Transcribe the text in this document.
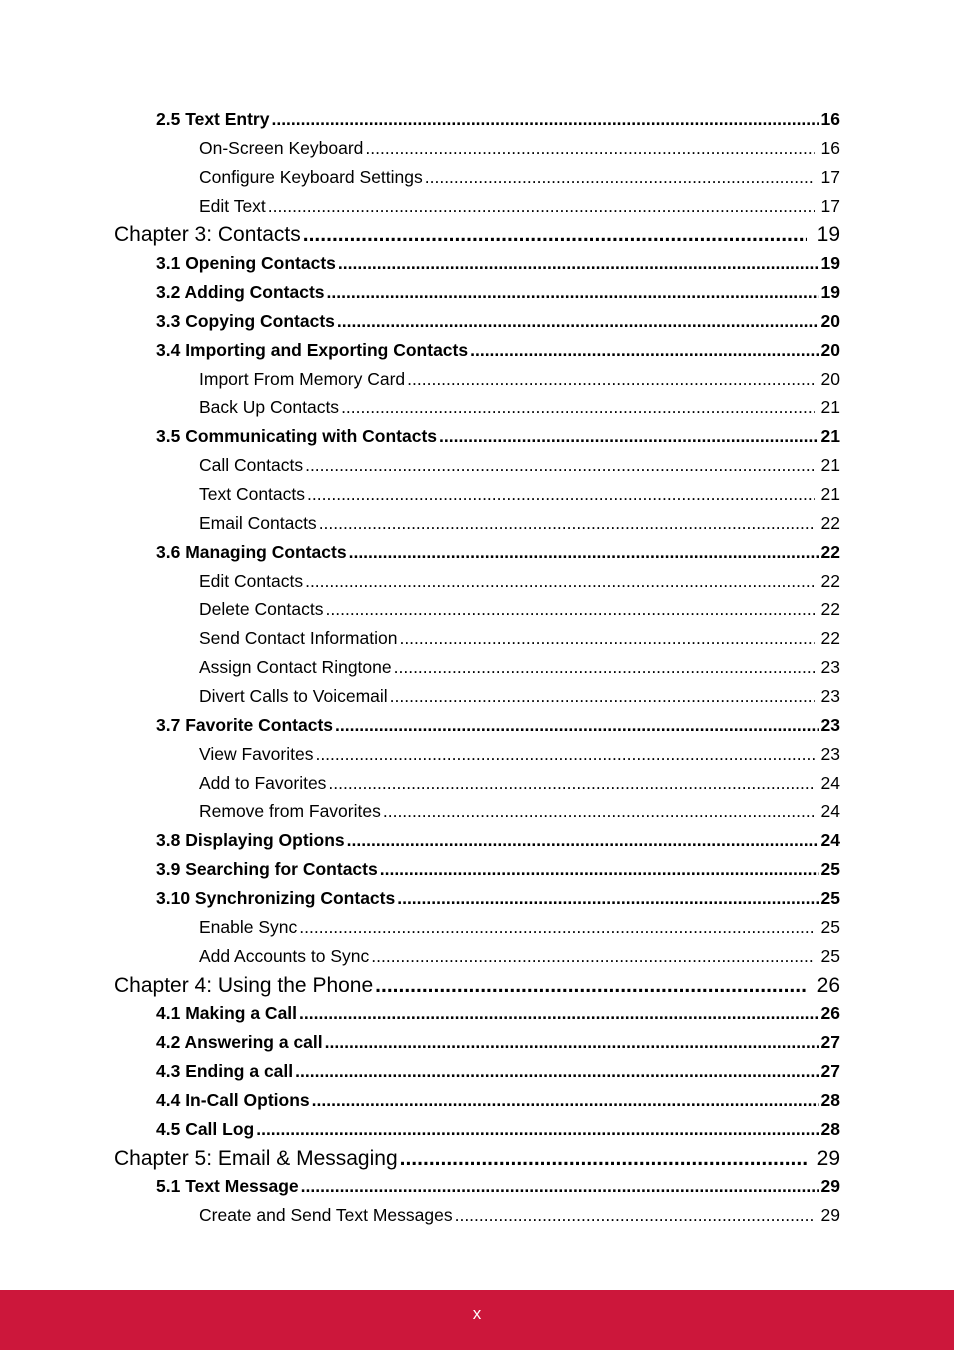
2.5 Text Entry .....	16
On-Screen Keyboard .....	16
Configure Keyboard Settings .....	17
Edit Text .....	17
Chapter 3: Contacts .....	19
3.1 Opening Contacts .....	19
3.2 Adding Contacts .....	19
3.3 Copying Contacts .....	20
3.4 Importing and Exporting Contacts .....	20
Import From Memory Card .....	20
Back Up Contacts .....	21
3.5 Communicating with Contacts .....	21
Call Contacts .....	21
Text Contacts .....	21
Email Contacts .....	22
3.6 Managing Contacts .....	22
Edit Contacts .....	22
Delete Contacts .....	22
Send Contact Information .....	22
Assign Contact Ringtone .....	23
Divert Calls to Voicemail .....	23
3.7 Favorite Contacts .....	23
View Favorites .....	23
Add to Favorites .....	24
Remove from Favorites .....	24
3.8 Displaying Options .....	24
3.9 Searching for Contacts .....	25
3.10 Synchronizing Contacts .....	25
Enable Sync .....	25
Add Accounts to Sync .....	25
Chapter 4: Using the Phone .....	26
4.1 Making a Call .....	26
4.2 Answering a call .....	27
4.3 Ending a call .....	27
4.4 In-Call Options .....	28
4.5 Call Log .....	28
Chapter 5: Email & Messaging .....	29
5.1 Text Message .....	29
Create and Send Text Messages .....	29
x
